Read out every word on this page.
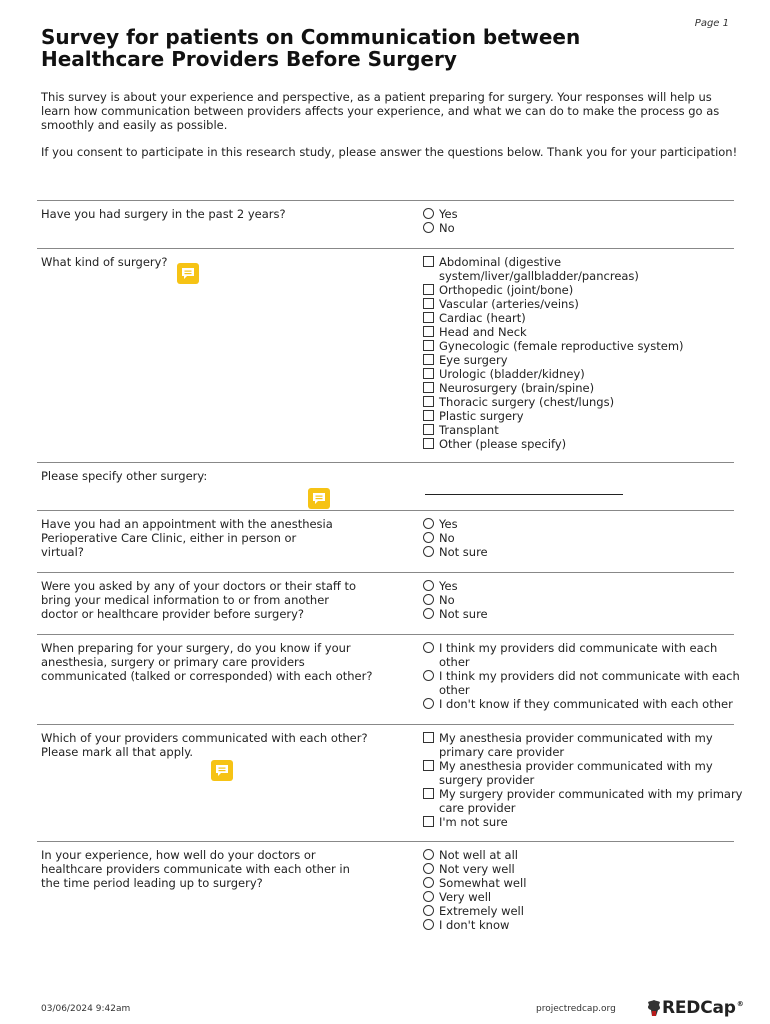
Page 1
Survey for patients on Communication between Healthcare Providers Before Surgery

This survey is about your experience and perspective, as a patient preparing for surgery. Your responses will help us learn how communication between providers affects your experience, and what we can do to make the process go as smoothly and easily as possible.

If you consent to participate in this research study, please answer the questions below. Thank you for your participation!

Have you had surgery in the past 2 years?	Yes
No
What kind of surgery?	Abdominal (digestive system/liver/gallbladder/pancreas)
Orthopedic (joint/bone)
Vascular (arteries/veins)
Cardiac (heart)
Head and Neck
Gynecologic (female reproductive system)
Eye surgery
Urologic (bladder/kidney)
Neurosurgery (brain/spine)
Thoracic surgery (chest/lungs)
Plastic surgery
Transplant
Other (please specify)
Please specify other surgery:
Have you had an appointment with the anesthesia Perioperative Care Clinic, either in person or virtual?
Yes
No
Not sure
Were you asked by any of your doctors or their staff to bring your medical information to or from another doctor or healthcare provider before surgery?
Yes
No
Not sure
When preparing for your surgery, do you know if your anesthesia, surgery or primary care providers communicated (talked or corresponded) with each other?
I think my providers did communicate with each other
I think my providers did not communicate with each other
I don't know if they communicated with each other
Which of your providers communicated with each other? Please mark all that apply.
My anesthesia provider communicated with my primary care provider
My anesthesia provider communicated with my surgery provider
My surgery provider communicated with my primary care provider
I'm not sure
In your experience, how well do your doctors or healthcare providers communicate with each other in the time period leading up to surgery?
Not well at all
Not very well
Somewhat well
Very well
Extremely well
I don't know
03/06/2024 9:42am	projectredcap.org	REDCap®
